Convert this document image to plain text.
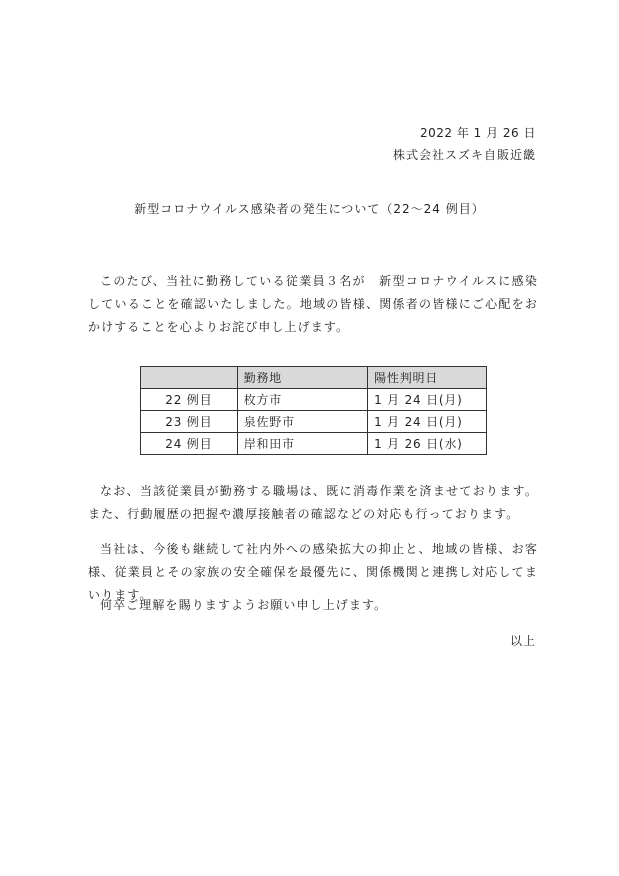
2022 年 1 月 26 日
株式会社スズキ自販近畿
新型コロナウイルス感染者の発生について（22～24 例目）

このたび、当社に勤務している従業員３名が　新型コロナウイルスに感染していることを確認いたしました。地域の皆様、関係者の皆様にご心配をおかけすることを心よりお詫び申し上げます。

	勤務地	陽性判明日
22 例目	枚方市	1 月 24 日(月)
23 例目	泉佐野市	1 月 24 日(月)
24 例目	岸和田市	1 月 26 日(水)

なお、当該従業員が勤務する職場は、既に消毒作業を済ませております。また、行動履歴の把握や濃厚接触者の確認などの対応も行っております。

当社は、今後も継続して社内外への感染拡大の抑止と、地域の皆様、お客様、従業員とその家族の安全確保を最優先に、関係機関と連携し対応してまいります。

何卒ご理解を賜りますようお願い申し上げます。

以上
